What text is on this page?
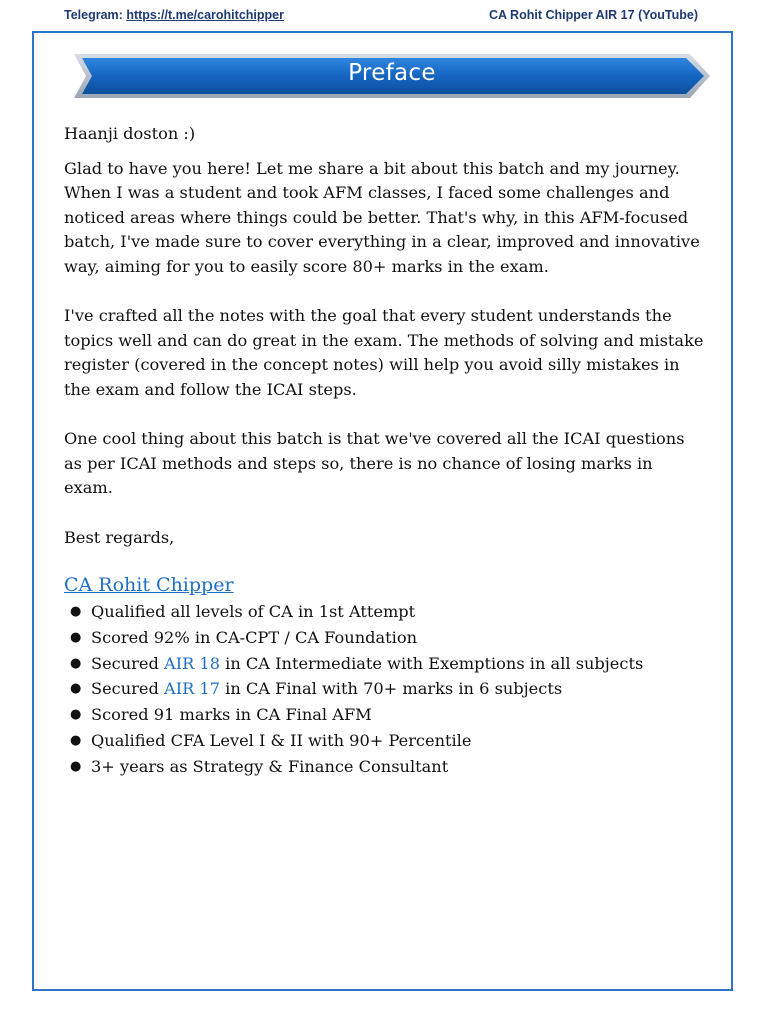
Telegram: https://t.me/carohitchipper	CA Rohit Chipper AIR 17 (YouTube)
Preface

Haanji doston :)

Glad to have you here! Let me share a bit about this batch and my journey. When I was a student and took AFM classes, I faced some challenges and noticed areas where things could be better. That's why, in this AFM-focused batch, I've made sure to cover everything in a clear, improved and innovative way, aiming for you to easily score 80+ marks in the exam.

I've crafted all the notes with the goal that every student understands the topics well and can do great in the exam. The methods of solving and mistake register (covered in the concept notes) will help you avoid silly mistakes in the exam and follow the ICAI steps.

One cool thing about this batch is that we've covered all the ICAI questions as per ICAI methods and steps so, there is no chance of losing marks in exam.

Best regards,

CA Rohit Chipper

● Qualified all levels of CA in 1st Attempt
● Scored 92% in CA-CPT / CA Foundation
● Secured AIR 18 in CA Intermediate with Exemptions in all subjects
● Secured AIR 17 in CA Final with 70+ marks in 6 subjects
● Scored 91 marks in CA Final AFM
● Qualified CFA Level I & II with 90+ Percentile
● 3+ years as Strategy & Finance Consultant
